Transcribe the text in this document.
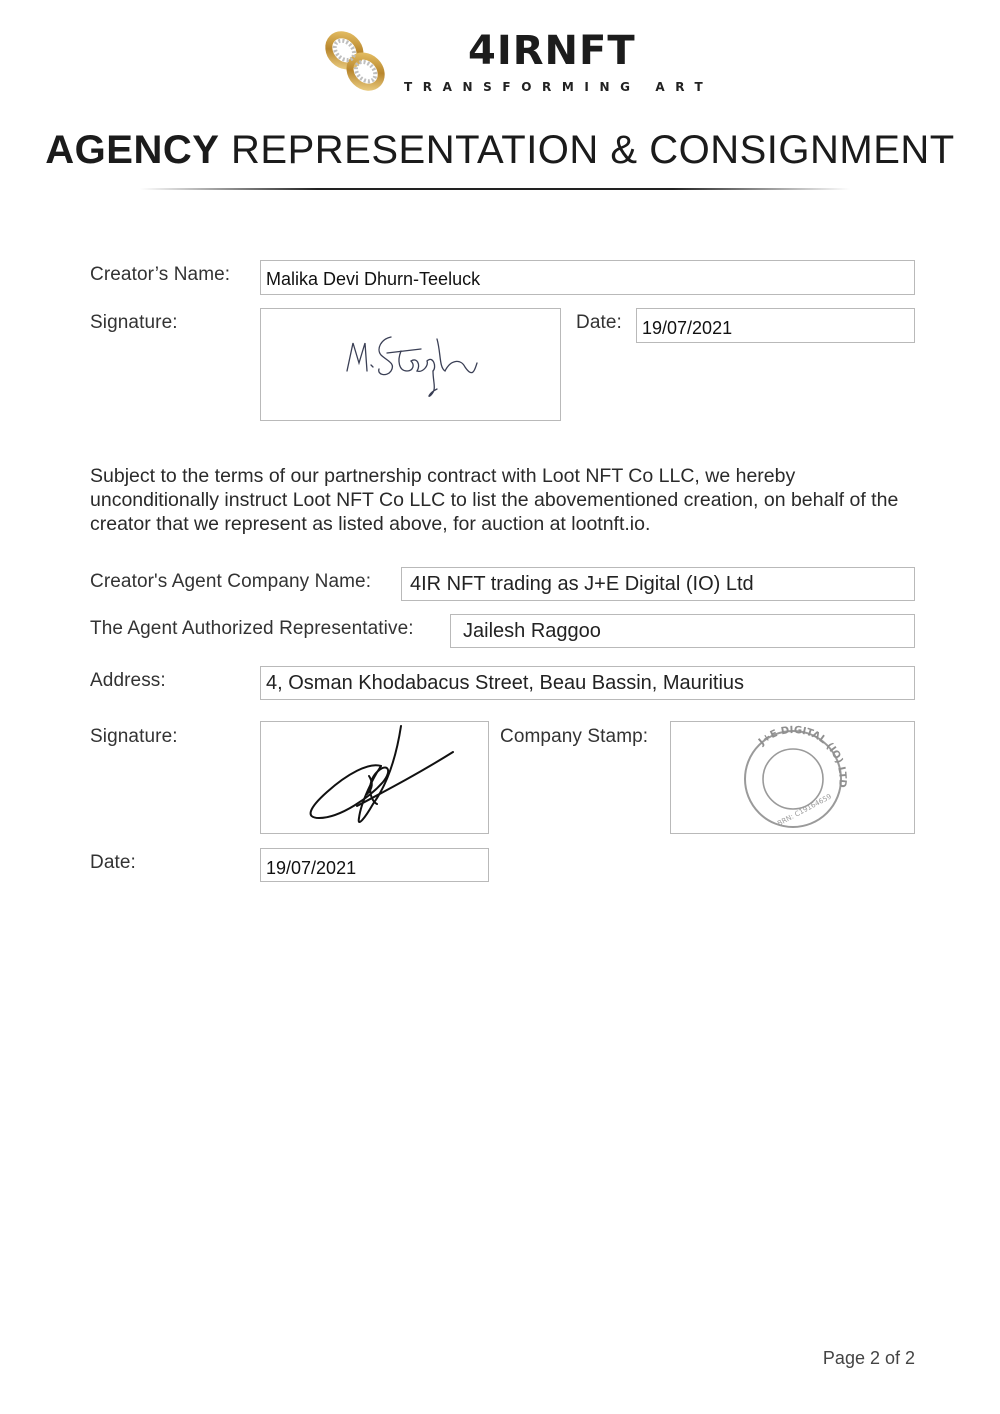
4IRNFT
TRANSFORMING ART
AGENCY REPRESENTATION & CONSIGNMENT
Creator’s Name: Malika Devi Dhurn-Teeluck
Signature:	Date: 19/07/2021
Subject to the terms of our partnership contract with Loot NFT Co LLC, we hereby unconditionally instruct Loot NFT Co LLC to list the abovementioned creation, on behalf of the creator that we represent as listed above, for auction at lootnft.io.
Creator's Agent Company Name: 4IR NFT trading as J+E Digital (IO) Ltd
The Agent Authorized Representative: Jailesh Raggoo
Address:	4, Osman Khodabacus Street, Beau Bassin, Mauritius
Signature:	Company Stamp:	J+E DIGITAL (IO) LTD
BRN: C19164659
Date:	19/07/2021
Page 2 of 2
